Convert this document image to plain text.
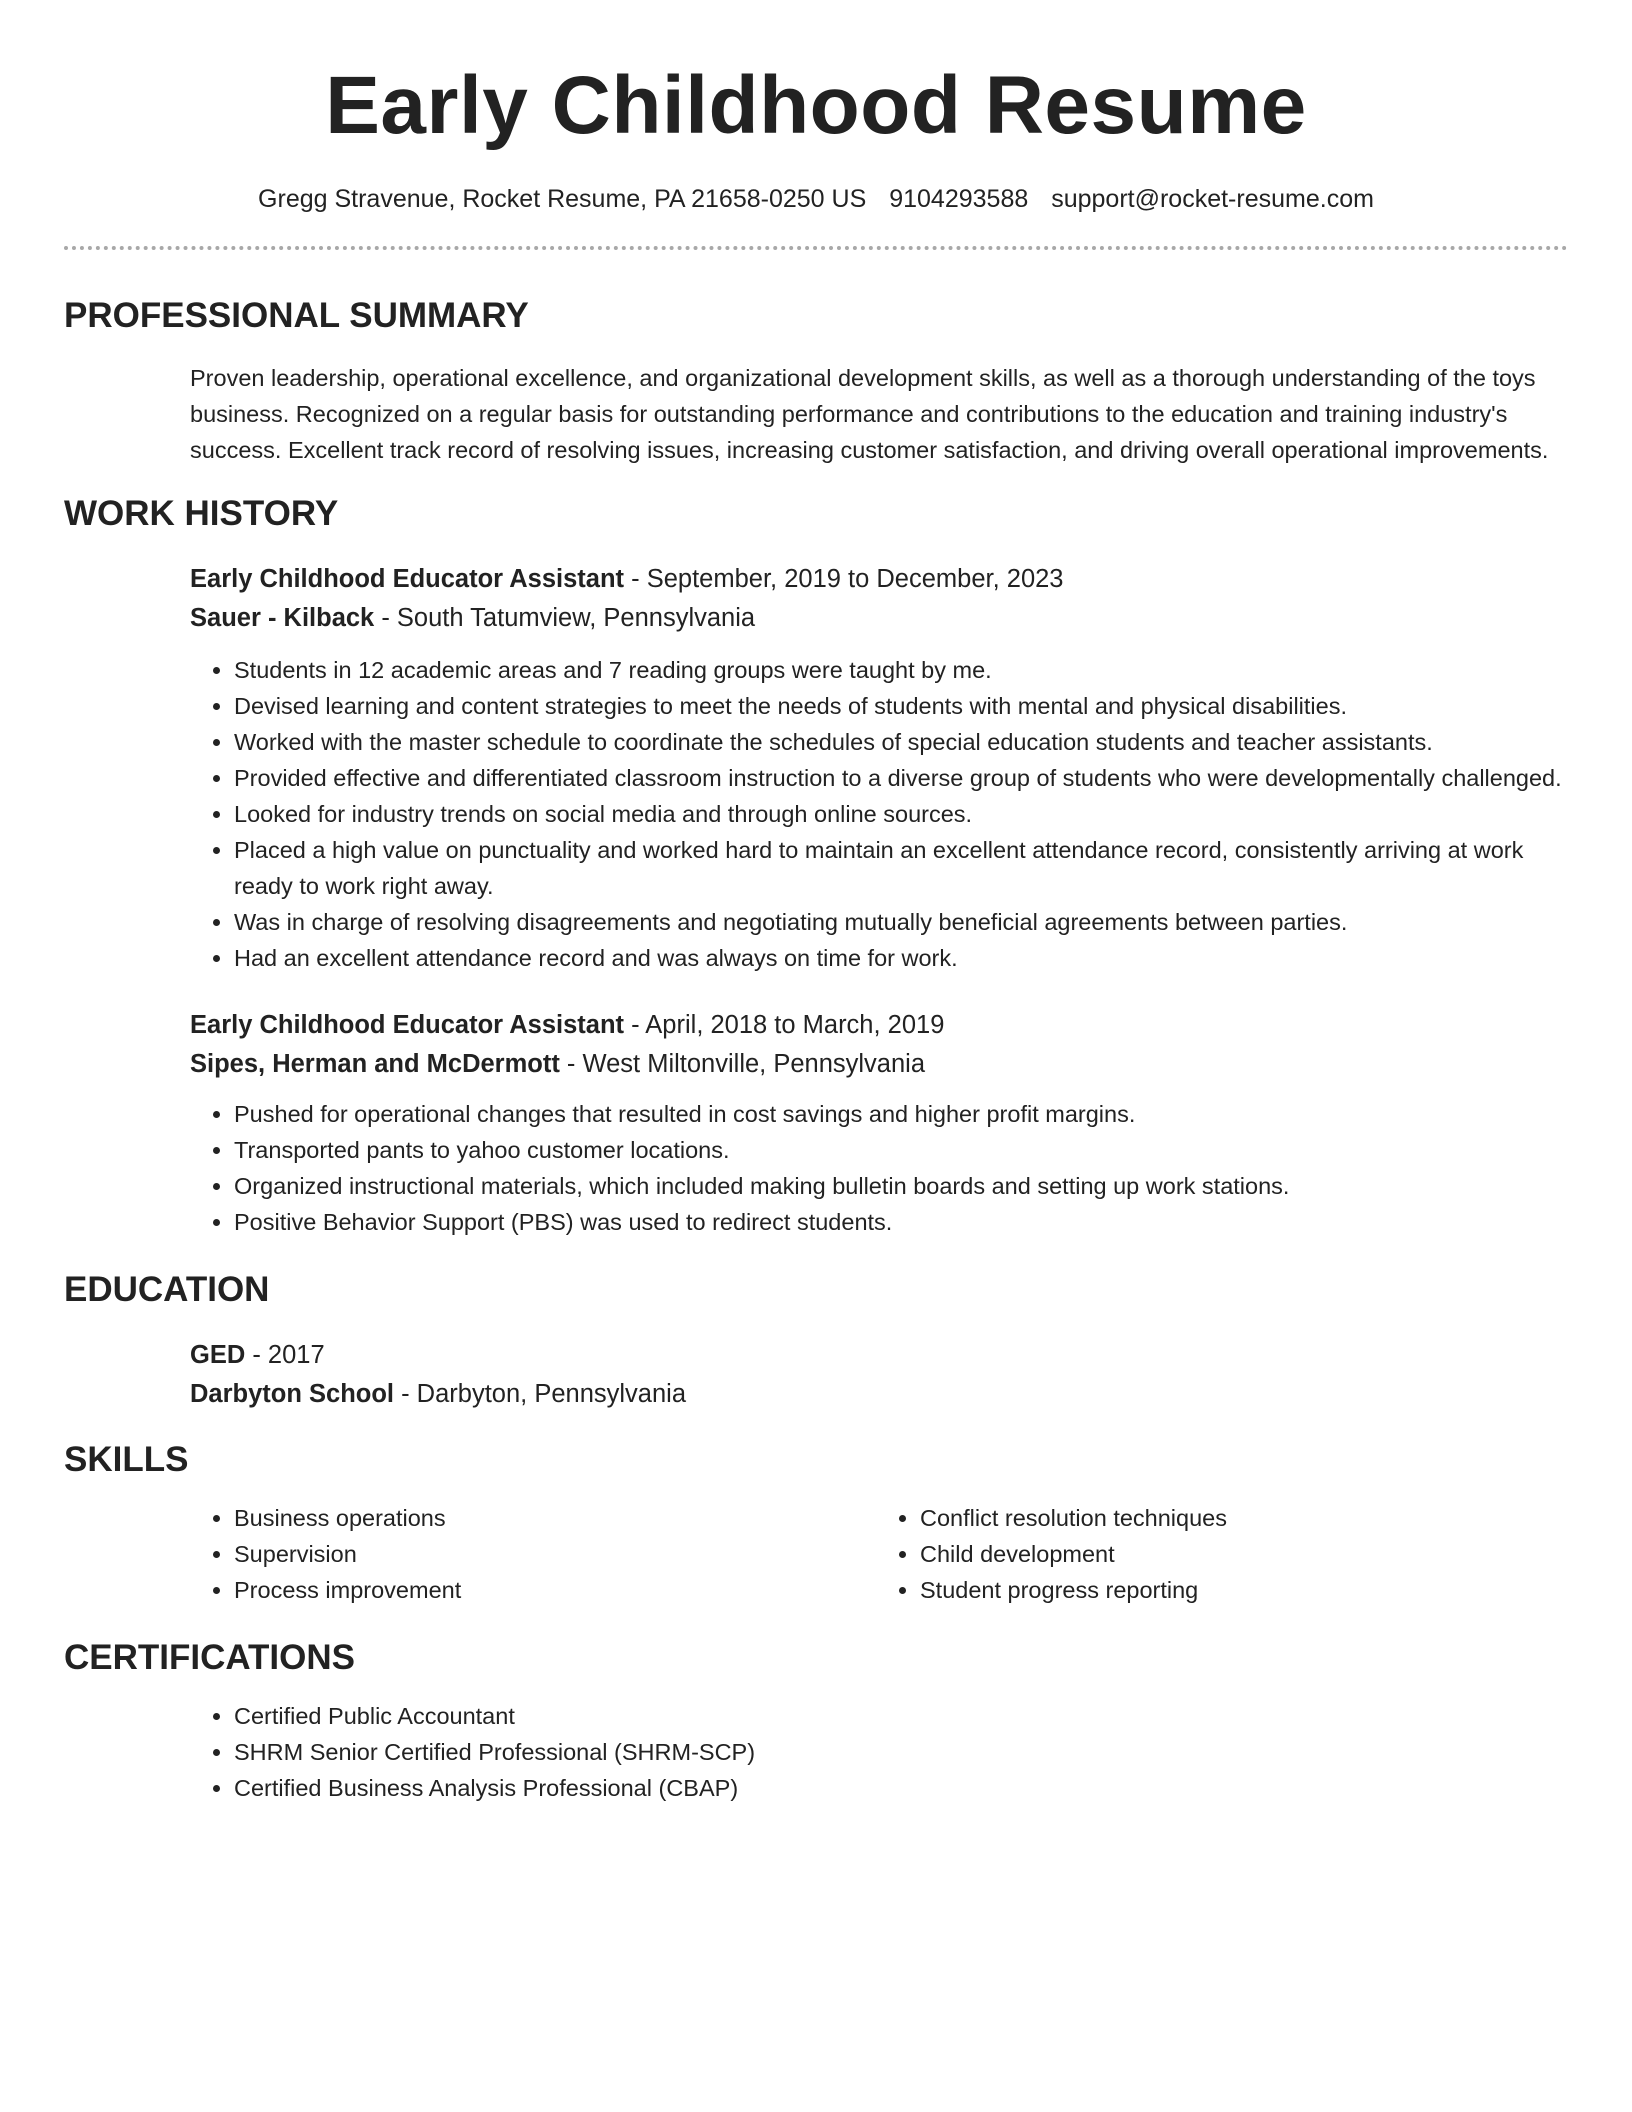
Early Childhood Resume
Gregg Stravenue, Rocket Resume, PA 21658-0250 US 9104293588 support@rocket-resume.com
PROFESSIONAL SUMMARY

Proven leadership, operational excellence, and organizational development skills, as well as a thorough understanding of the toys business. Recognized on a regular basis for outstanding performance and contributions to the education and training industry's success. Excellent track record of resolving issues, increasing customer satisfaction, and driving overall operational improvements.

WORK HISTORY
Early Childhood Educator Assistant - September, 2019 to December, 2023
Sauer - Kilback - South Tatumview, Pennsylvania
• Students in 12 academic areas and 7 reading groups were taught by me.
• Devised learning and content strategies to meet the needs of students with mental and physical disabilities.
• Worked with the master schedule to coordinate the schedules of special education students and teacher assistants.
• Provided effective and differentiated classroom instruction to a diverse group of students who were developmentally challenged.
• Looked for industry trends on social media and through online sources.
• Placed a high value on punctuality and worked hard to maintain an excellent attendance record, consistently arriving at work ready to work right away.
• Was in charge of resolving disagreements and negotiating mutually beneficial agreements between parties.
• Had an excellent attendance record and was always on time for work.
Early Childhood Educator Assistant - April, 2018 to March, 2019
Sipes, Herman and McDermott - West Miltonville, Pennsylvania
• Pushed for operational changes that resulted in cost savings and higher profit margins.
• Transported pants to yahoo customer locations.
• Organized instructional materials, which included making bulletin boards and setting up work stations.
• Positive Behavior Support (PBS) was used to redirect students.
EDUCATION
GED - 2017
Darbyton School - Darbyton, Pennsylvania
SKILLS
• Business operations
• Supervision
• Process improvement
• Conflict resolution techniques
• Child development
• Student progress reporting
CERTIFICATIONS
• Certified Public Accountant
• SHRM Senior Certified Professional (SHRM-SCP)
• Certified Business Analysis Professional (CBAP)
